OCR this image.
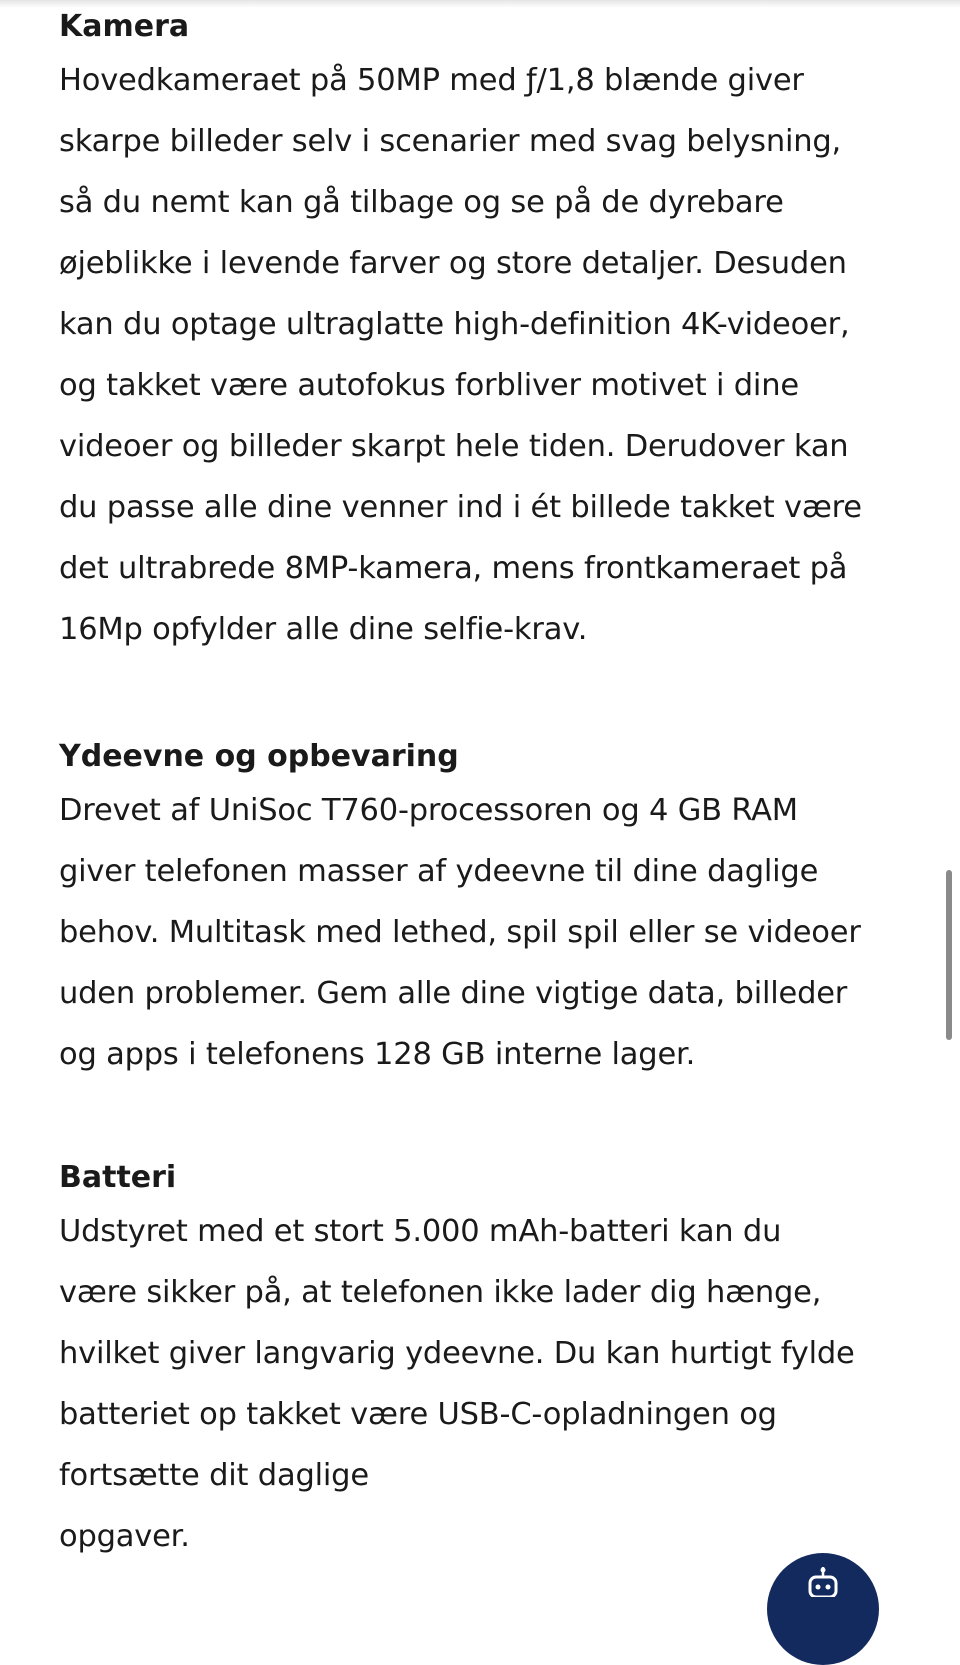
Kamera

Hovedkameraet på 50MP med ƒ/1,8 blænde giver
skarpe billeder selv i scenarier med svag belysning,
så du nemt kan gå tilbage og se på de dyrebare
øjeblikke i levende farver og store detaljer. Desuden
kan du optage ultraglatte high-definition 4K-videoer,
og takket være autofokus forbliver motivet i dine
videoer og billeder skarpt hele tiden. Derudover kan
du passe alle dine venner ind i ét billede takket være
det ultrabrede 8MP-kamera, mens frontkameraet på
16Mp opfylder alle dine selfie-krav.

Ydeevne og opbevaring

Drevet af UniSoc T760-processoren og 4 GB RAM
giver telefonen masser af ydeevne til dine daglige
behov. Multitask med lethed, spil spil eller se videoer
uden problemer. Gem alle dine vigtige data, billeder
og apps i telefonens 128 GB interne lager.

Batteri

Udstyret med et stort 5.000 mAh-batteri kan du
være sikker på, at telefonen ikke lader dig hænge,
hvilket giver langvarig ydeevne. Du kan hurtigt fylde
batteriet op takket være USB-C-opladningen og
fortsætte dit daglige
opgaver.
